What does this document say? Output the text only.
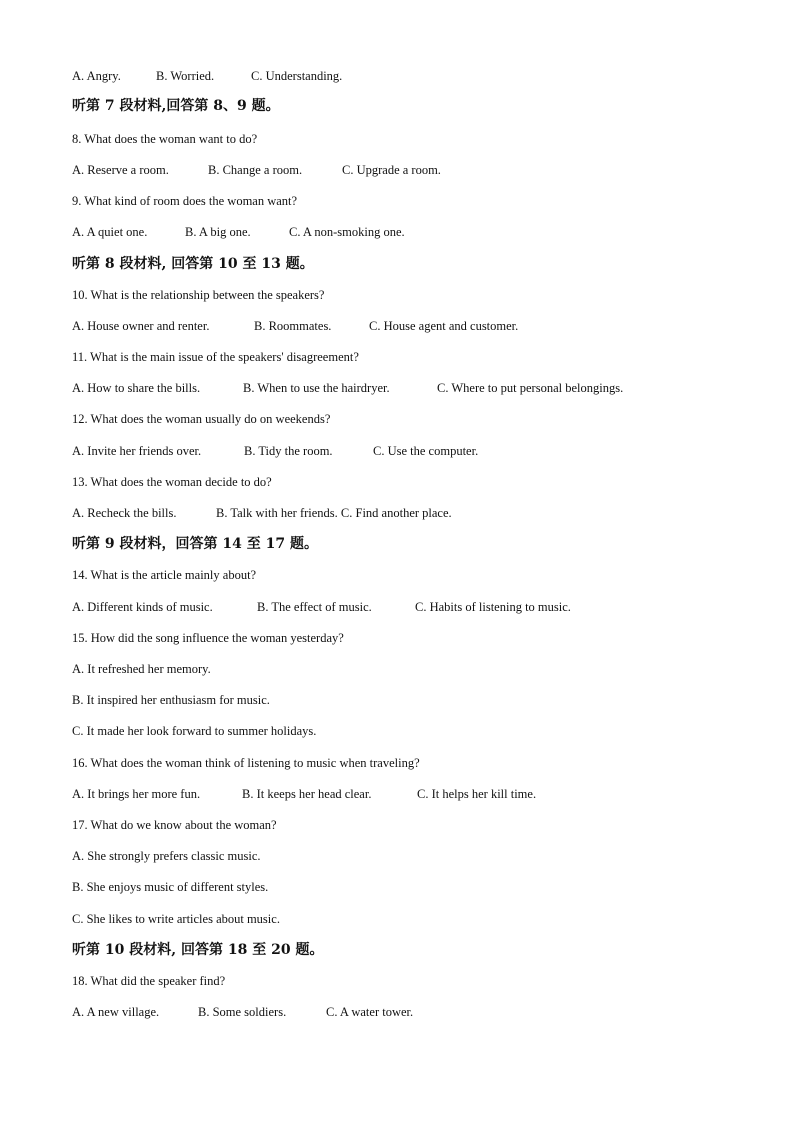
A. Angry.	B. Worried.	C. Understanding.
听第 7 段材料,回答第 8、9 题。
8. What does the woman want to do?
A. Reserve a room.	B. Change a room.	C. Upgrade a room.
9. What kind of room does the woman want?
A. A quiet one.	B. A big one.	C. A non-smoking one.
听第 8 段材料, 回答第 10 至 13 题。
10. What is the relationship between the speakers?
A. House owner and renter.	B. Roommates.	C. House agent and customer.
11. What is the main issue of the speakers' disagreement?
A. How to share the bills.	B. When to use the hairdryer.	C. Where to put personal belongings.
12. What does the woman usually do on weekends?
A. Invite her friends over.	B. Tidy the room.	C. Use the computer.
13. What does the woman decide to do?
A. Recheck the bills.	B. Talk with her friends. C. Find another place.
听第 9 段材料，回答第 14 至 17 题。
14. What is the article mainly about?
A. Different kinds of music.	B. The effect of music.	C. Habits of listening to music.
15. How did the song influence the woman yesterday?
A. It refreshed her memory.
B. It inspired her enthusiasm for music.
C. It made her look forward to summer holidays.
16. What does the woman think of listening to music when traveling?
A. It brings her more fun.	B. It keeps her head clear.	C. It helps her kill time.
17. What do we know about the woman?
A. She strongly prefers classic music.
B. She enjoys music of different styles.
C. She likes to write articles about music.
听第 10 段材料, 回答第 18 至 20 题。
18. What did the speaker find?
A. A new village.	B. Some soldiers.	C. A water tower.
